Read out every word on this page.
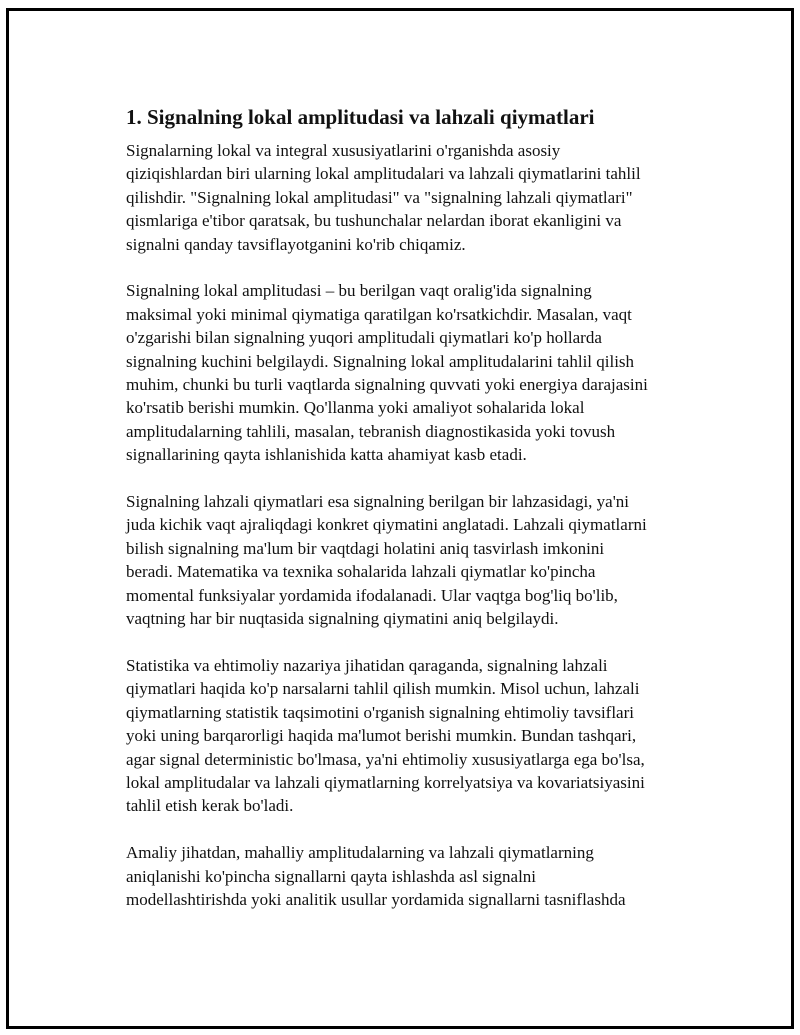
1. Signalning lokal amplitudasi va lahzali qiymatlari

Signalarning lokal va integral xususiyatlarini o'rganishda asosiy
qiziqishlardan biri ularning lokal amplitudalari va lahzali qiymatlarini tahlil
qilishdir. "Signalning lokal amplitudasi" va "signalning lahzali qiymatlari"
qismlariga e'tibor qaratsak, bu tushunchalar nelardan iborat ekanligini va
signalni qanday tavsiflayotganini ko'rib chiqamiz.

Signalning lokal amplitudasi – bu berilgan vaqt oralig'ida signalning
maksimal yoki minimal qiymatiga qaratilgan ko'rsatkichdir. Masalan, vaqt
o'zgarishi bilan signalning yuqori amplitudali qiymatlari ko'p hollarda
signalning kuchini belgilaydi. Signalning lokal amplitudalarini tahlil qilish
muhim, chunki bu turli vaqtlarda signalning quvvati yoki energiya darajasini
ko'rsatib berishi mumkin. Qo'llanma yoki amaliyot sohalarida lokal
amplitudalarning tahlili, masalan, tebranish diagnostikasida yoki tovush
signallarining qayta ishlanishida katta ahamiyat kasb etadi.

Signalning lahzali qiymatlari esa signalning berilgan bir lahzasidagi, ya'ni
juda kichik vaqt ajraliqdagi konkret qiymatini anglatadi. Lahzali qiymatlarni
bilish signalning ma'lum bir vaqtdagi holatini aniq tasvirlash imkonini
beradi. Matematika va texnika sohalarida lahzali qiymatlar ko'pincha
momental funksiyalar yordamida ifodalanadi. Ular vaqtga bog'liq bo'lib,
vaqtning har bir nuqtasida signalning qiymatini aniq belgilaydi.

Statistika va ehtimoliy nazariya jihatidan qaraganda, signalning lahzali
qiymatlari haqida ko'p narsalarni tahlil qilish mumkin. Misol uchun, lahzali
qiymatlarning statistik taqsimotini o'rganish signalning ehtimoliy tavsiflari
yoki uning barqarorligi haqida ma'lumot berishi mumkin. Bundan tashqari,
agar signal deterministic bo'lmasa, ya'ni ehtimoliy xususiyatlarga ega bo'lsa,
lokal amplitudalar va lahzali qiymatlarning korrelyatsiya va kovariatsiyasini
tahlil etish kerak bo'ladi.

Amaliy jihatdan, mahalliy amplitudalarning va lahzali qiymatlarning
aniqlanishi ko'pincha signallarni qayta ishlashda asl signalni
modellashtirishda yoki analitik usullar yordamida signallarni tasniflashda
